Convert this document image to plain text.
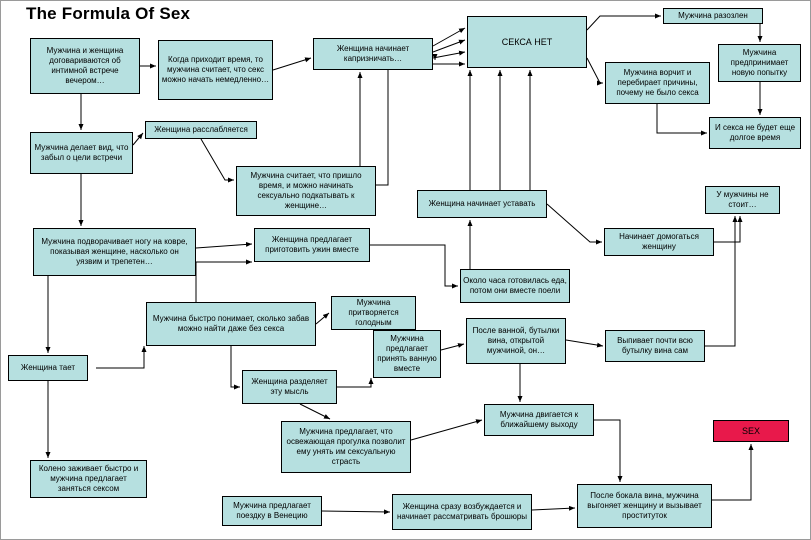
The Formula Of Sex
Мужчина и женщина договариваются об интимной встрече вечером…
Когда приходит время, то мужчина считает, что секс можно начать немедленно…
Женщина начинает капризничать…
СЕКСА НЕТ
Мужчина разозлен
Мужчина ворчит и перебирает причины, почему не было секса
Мужчина предпринимает новую попытку
И секса не будет еще долгое время
Мужчина делает вид, что забыл о цели встречи
Женщина расслабляется
Мужчина считает, что пришло время, и можно начинать сексуально подкатывать к женщине…	Женщина начинает уставать
У мужчины не стоит…
Мужчина подворачивает ногу на ковре, показывая женщине, насколько он уязвим и трепетен…
Женщина предлагает приготовить ужин вместе
Начинает домогаться женщину
Около часа готовилась еда, потом они вместе поели
Мужчина быстро понимает, сколько забав можно найти даже без секса
Мужчина притворяется голодным
Мужчина предлагает принять ванную вместе
После ванной, бутылки вина, открытой мужчиной, он…
Выпивает почти всю бутылку вина сам
Женщина тает
Женщина разделяет эту мысль
Мужчина предлагает, что освежающая прогулка позволит ему унять им сексуальную страсть
Мужчина двигается к ближайшему выходу
SEX
Колено заживает быстро и мужчина предлагает заняться сексом
Мужчина предлагает поездку в Венецию
Женщина сразу возбуждается и начинает рассматривать брошюры
После бокала вина, мужчина выгоняет женщину и вызывает проституток
